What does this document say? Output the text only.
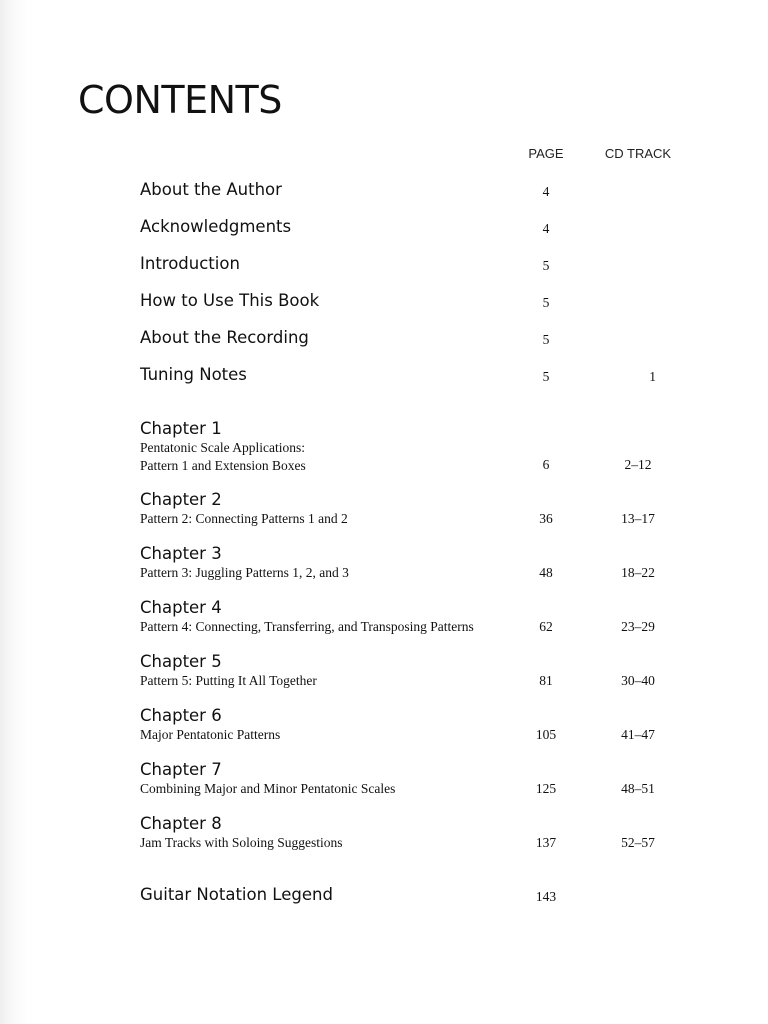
CONTENTS
PAGE	CD TRACK
About the Author	4
Acknowledgments	4
Introduction	5
How to Use This Book	5
About the Recording	5
Tuning Notes	5	1
Chapter 1
Pentatonic Scale Applications:
Pattern 1 and Extension Boxes	6	2–12
Chapter 2
Pattern 2: Connecting Patterns 1 and 2	36	13–17
Chapter 3
Pattern 3: Juggling Patterns 1, 2, and 3	48	18–22
Chapter 4
Pattern 4: Connecting, Transferring, and Transposing Patterns	62	23–29
Chapter 5
Pattern 5: Putting It All Together	81	30–40
Chapter 6
Major Pentatonic Patterns	105	41–47
Chapter 7
Combining Major and Minor Pentatonic Scales	125	48–51
Chapter 8
Jam Tracks with Soloing Suggestions	137	52–57
Guitar Notation Legend	143
